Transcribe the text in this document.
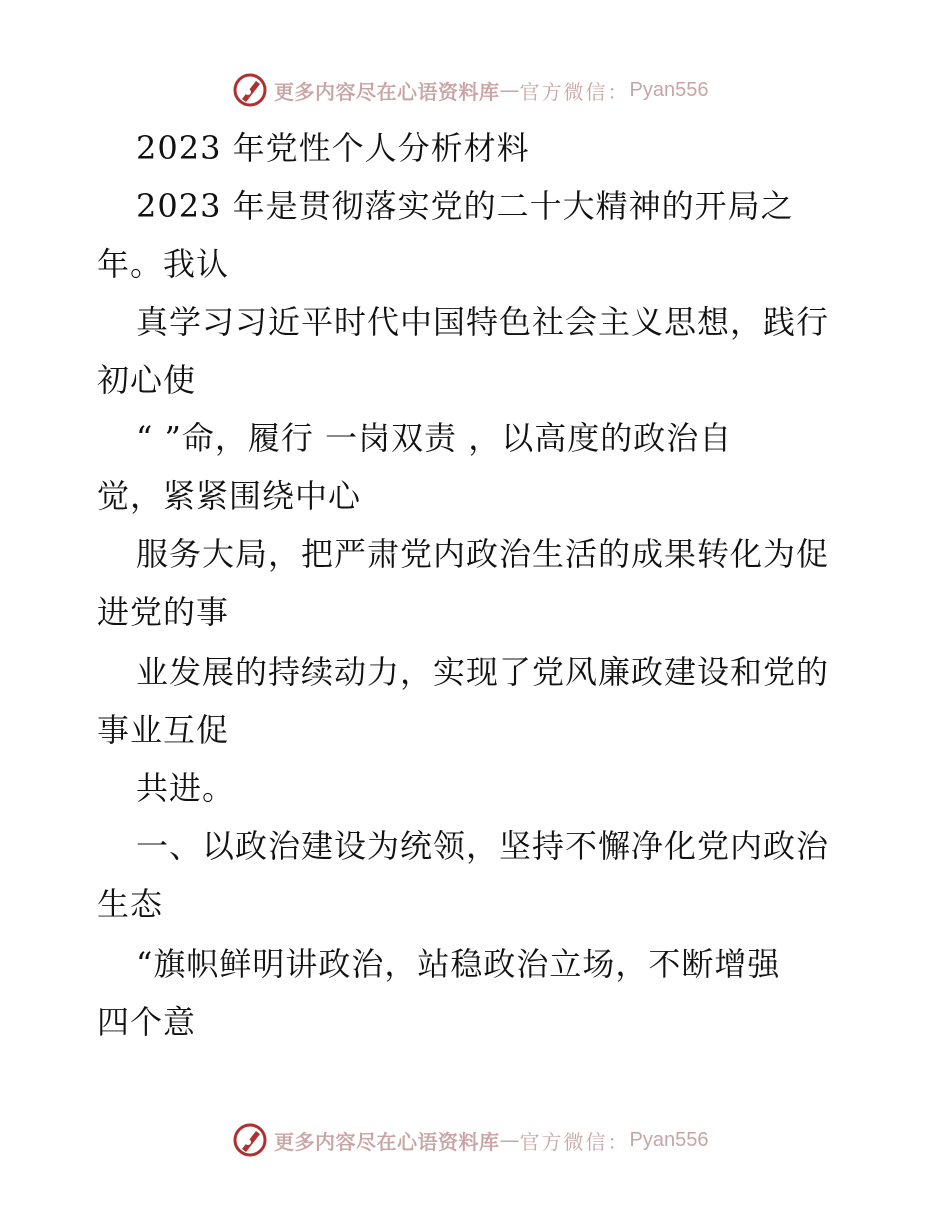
更多内容尽在心语资料库 — 官方微信： Pyan556
2023 年党性个人分析材料
2023 年是贯彻落实党的二十大精神的开局之
年。我认
真学习习近平时代中国特色社会主义思想，践行
初心使
“ ”命，履行 一岗双责 ，以高度的政治自
觉，紧紧围绕中心
服务大局，把严肃党内政治生活的成果转化为促
进党的事
业发展的持续动力，实现了党风廉政建设和党的
事业互促
共进。
一、以政治建设为统领，坚持不懈净化党内政治
生态
“旗帜鲜明讲政治，站稳政治立场，不断增强
四个意
更多内容尽在心语资料库 — 官方微信： Pyan556
